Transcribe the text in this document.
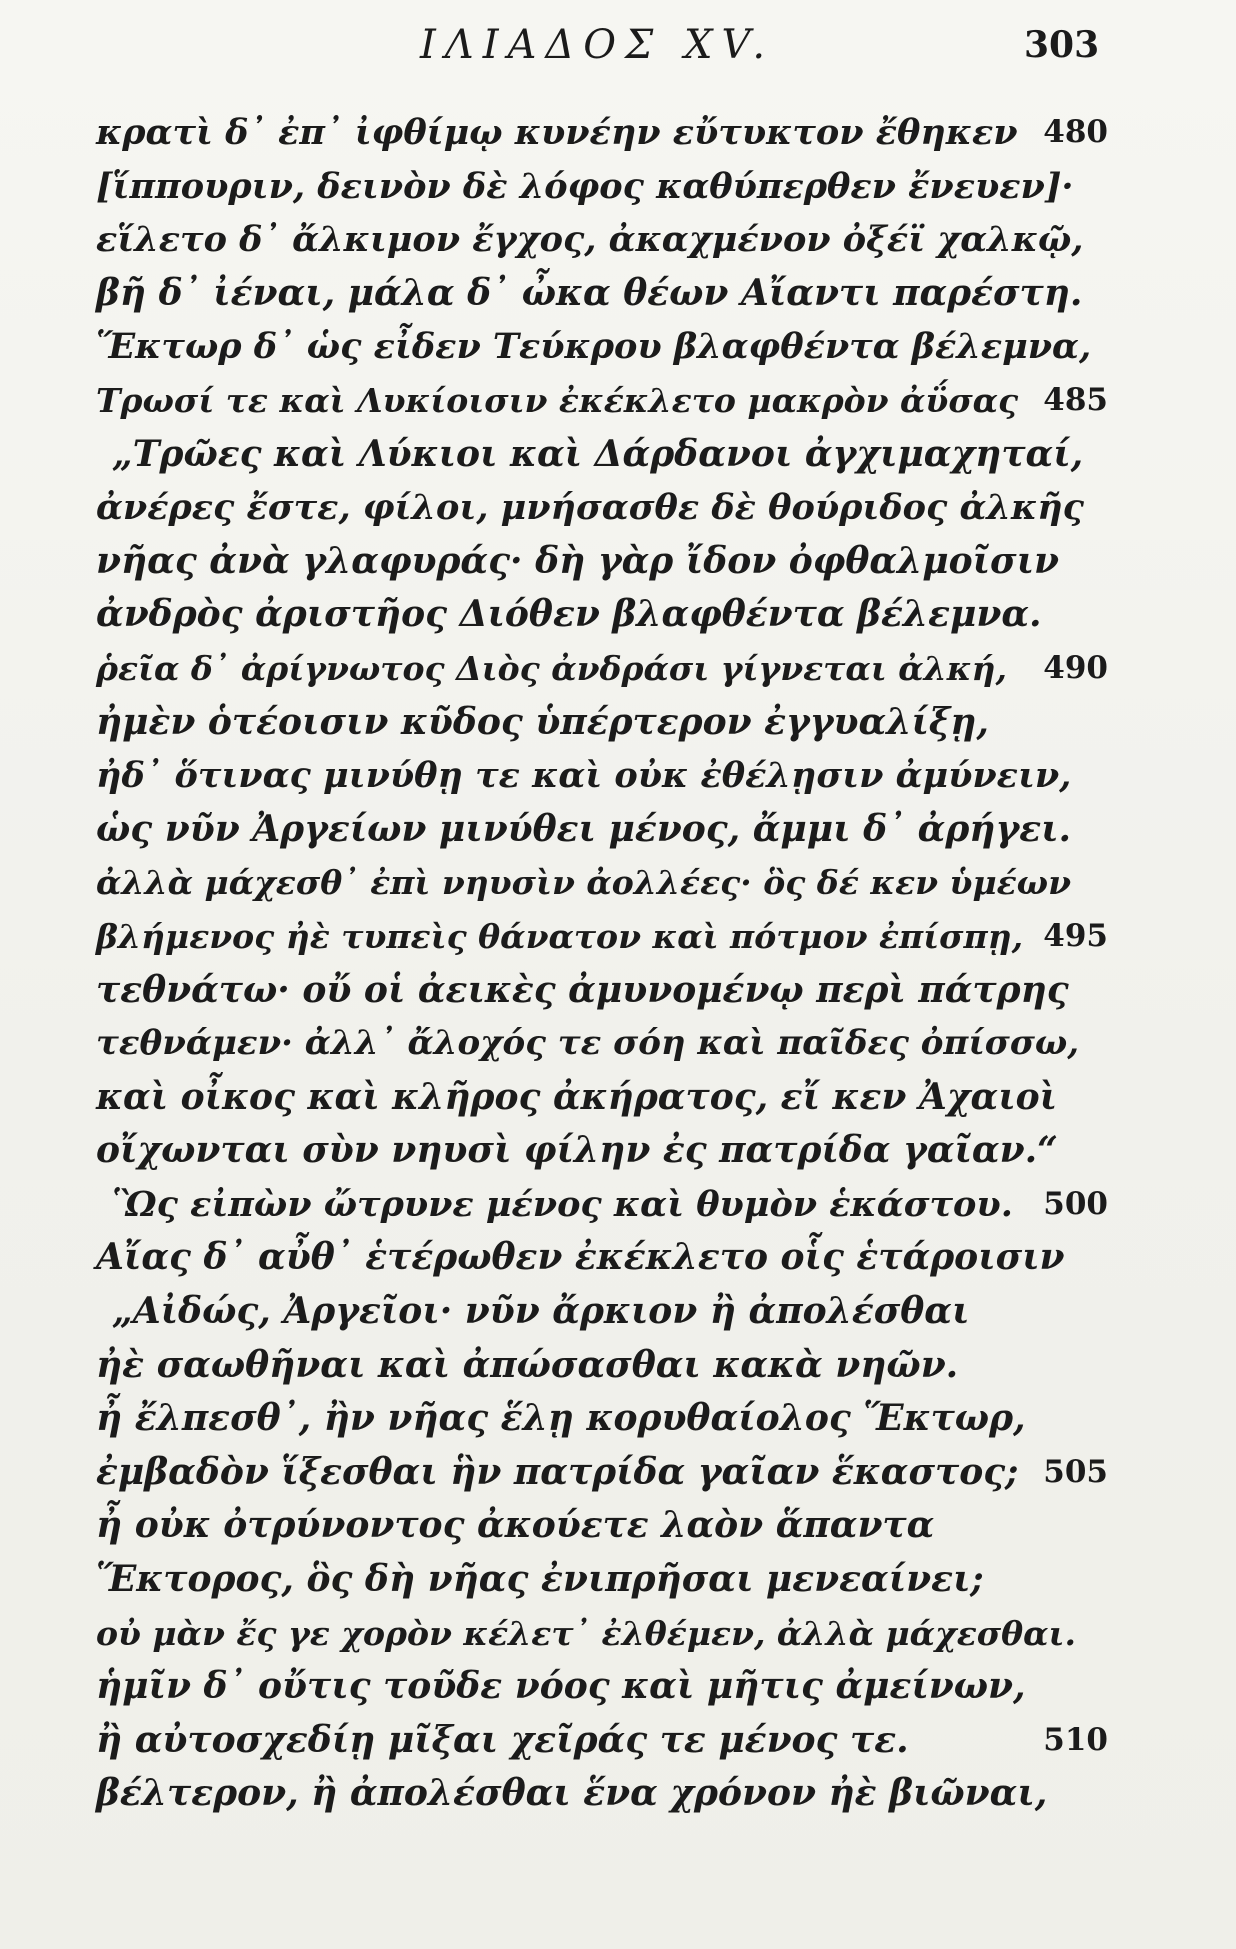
ΙΛΙΑΔΟΣ XV.	303
κρατὶ δ᾽ ἐπ᾽ ἰφθίμῳ κυνέην εὔτυκτον ἔθηκεν 480
[ἵππουριν, δεινὸν δὲ λόφος καθύπερθεν ἔνευεν]·
εἵλετο δ᾽ ἄλκιμον ἔγχος, ἀκαχμένον ὀξέϊ χαλκῷ,
βῆ δ᾽ ἰέναι, μάλα δ᾽ ὦκα θέων Αἴαντι παρέστη.
Ἕκτωρ δ᾽ ὡς εἶδεν Τεύκρου βλαφθέντα βέλεμνα,
Τρωσί τε καὶ Λυκίοισιν ἐκέκλετο μακρὸν ἀΰσας 485
„Τρῶες καὶ Λύκιοι καὶ Δάρδανοι ἀγχιμαχηταί,
ἀνέρες ἔστε, φίλοι, μνήσασθε δὲ θούριδος ἀλκῆς
νῆας ἀνὰ γλαφυράς· δὴ γὰρ ἴδον ὀφθαλμοῖσιν
ἀνδρὸς ἀριστῆος Διόθεν βλαφθέντα βέλεμνα.
ῥεῖα δ᾽ ἀρίγνωτος Διὸς ἀνδράσι γίγνεται ἀλκή, 490
ἠμὲν ὁτέοισιν κῦδος ὑπέρτερον ἐγγυαλίξῃ,
ἠδ᾽ ὅτινας μινύθῃ τε καὶ οὐκ ἐθέλῃσιν ἀμύνειν,
ὡς νῦν Ἀργείων μινύθει μένος, ἄμμι δ᾽ ἀρήγει.
ἀλλὰ μάχεσθ᾽ ἐπὶ νηυσὶν ἀολλέες· ὃς δέ κεν ὑμέων
βλήμενος ἠὲ τυπεὶς θάνατον καὶ πότμον ἐπίσπῃ, 495
τεθνάτω· οὔ οἱ ἀεικὲς ἀμυνομένῳ περὶ πάτρης
τεθνάμεν· ἀλλ᾽ ἄλοχός τε σόη καὶ παῖδες ὀπίσσω,
καὶ οἶκος καὶ κλῆρος ἀκήρατος, εἴ κεν Ἀχαιοὶ
οἴχωνται σὺν νηυσὶ φίλην ἐς πατρίδα γαῖαν.“
Ὣς εἰπὼν ὤτρυνε μένος καὶ θυμὸν ἑκάστου. 500
Αἴας δ᾽ αὖθ᾽ ἑτέρωθεν ἐκέκλετο οἷς ἑτάροισιν
„Αἰδώς, Ἀργεῖοι· νῦν ἄρκιον ἢ ἀπολέσθαι
ἠὲ σαωθῆναι καὶ ἀπώσασθαι κακὰ νηῶν.
ἦ ἔλπεσθ᾽, ἢν νῆας ἕλῃ κορυθαίολος Ἕκτωρ,
ἐμβαδὸν ἵξεσθαι ἣν πατρίδα γαῖαν ἕκαστος; 505
ἦ οὐκ ὀτρύνοντος ἀκούετε λαὸν ἅπαντα
Ἕκτορος, ὃς δὴ νῆας ἐνιπρῆσαι μενεαίνει;
οὐ μὰν ἔς γε χορὸν κέλετ᾽ ἐλθέμεν, ἀλλὰ μάχεσθαι.
ἡμῖν δ᾽ οὔτις τοῦδε νόος καὶ μῆτις ἀμείνων,
ἢ αὐτοσχεδίῃ μῖξαι χεῖράς τε μένος τε.	510
βέλτερον, ἢ ἀπολέσθαι ἕνα χρόνον ἠὲ βιῶναι,
